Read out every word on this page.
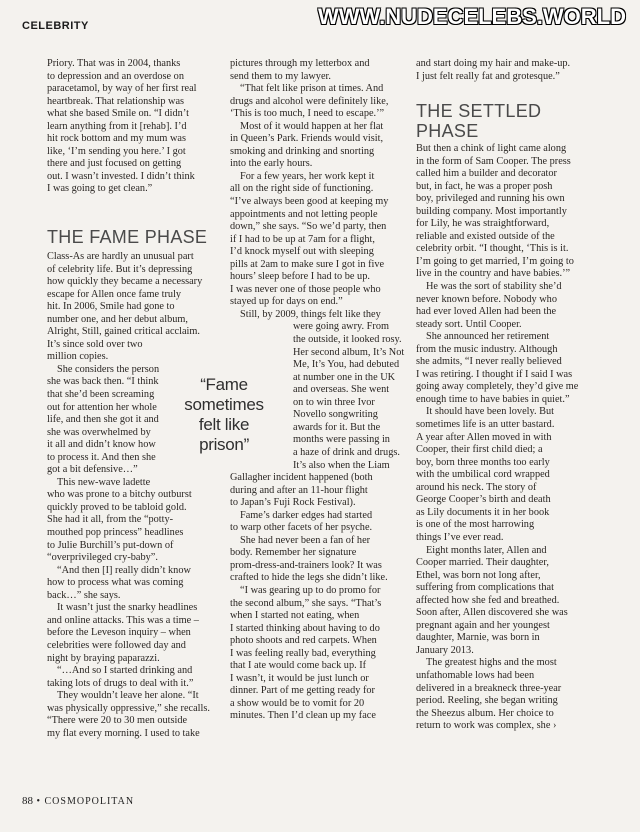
CELEBRITY	WWW.NUDECELEBS.WORLD
Priory. That was in 2004, thanks
to depression and an overdose on
paracetamol, by way of her first real
heartbreak. That relationship was
what she based Smile on. “I didn’t
learn anything from it [rehab]. I’d
hit rock bottom and my mum was
like, ‘I’m sending you here.’ I got
there and just focused on getting
out. I wasn’t invested. I didn’t think
I was going to get clean.”
THE FAME PHASE
Class-As are hardly an unusual part
of celebrity life. But it’s depressing
how quickly they became a necessary
escape for Allen once fame truly
hit. In 2006, Smile had gone to
number one, and her debut album,
Alright, Still, gained critical acclaim.
It’s since sold over two
million copies.
She considers the person
she was back then. “I think
that she’d been screaming
out for attention her whole
life, and then she got it and
she was overwhelmed by
it all and didn’t know how
to process it. And then she
got a bit defensive…”
This new-wave ladette
who was prone to a bitchy outburst
quickly proved to be tabloid gold.
She had it all, from the “potty-
mouthed pop princess” headlines
to Julie Burchill’s put-down of
“overprivileged cry-baby”.
“And then [I] really didn’t know
how to process what was coming
back…” she says.
It wasn’t just the snarky headlines
and online attacks. This was a time –
before the Leveson inquiry – when
celebrities were followed day and
night by braying paparazzi.
“…And so I started drinking and
taking lots of drugs to deal with it.”
They wouldn’t leave her alone. “It
was physically oppressive,” she recalls.
“There were 20 to 30 men outside
my flat every morning. I used to take
“Fame sometimes felt like prison”
pictures through my letterbox and
send them to my lawyer.
“That felt like prison at times. And
drugs and alcohol were definitely like,
‘This is too much, I need to escape.’”
Most of it would happen at her flat
in Queen’s Park. Friends would visit,
smoking and drinking and snorting
into the early hours.
For a few years, her work kept it
all on the right side of functioning.
“I’ve always been good at keeping my
appointments and not letting people
down,” she says. “So we’d party, then
if I had to be up at 7am for a flight,
I’d knock myself out with sleeping
pills at 2am to make sure I got in five
hours’ sleep before I had to be up.
I was never one of those people who
stayed up for days on end.”
Still, by 2009, things felt like they
were going awry. From
the outside, it looked rosy.
Her second album, It’s Not
Me, It’s You, had debuted
at number one in the UK
and overseas. She went
on to win three Ivor
Novello songwriting
awards for it. But the
months were passing in
a haze of drink and drugs.
It’s also when the Liam
Gallagher incident happened (both
during and after an 11-hour flight
to Japan’s Fuji Rock Festival).
Fame’s darker edges had started
to warp other facets of her psyche.
She had never been a fan of her
body. Remember her signature
prom-dress-and-trainers look? It was
crafted to hide the legs she didn’t like.
“I was gearing up to do promo for
the second album,” she says. “That’s
when I started not eating, when
I started thinking about having to do
photo shoots and red carpets. When
I was feeling really bad, everything
that I ate would come back up. If
I wasn’t, it would be just lunch or
dinner. Part of me getting ready for
a show would be to vomit for 20
minutes. Then I’d clean up my face
and start doing my hair and make-up.
I just felt really fat and grotesque.”
THE SETTLED PHASE
But then a chink of light came along
in the form of Sam Cooper. The press
called him a builder and decorator
but, in fact, he was a proper posh
boy, privileged and running his own
building company. Most importantly
for Lily, he was straightforward,
reliable and existed outside of the
celebrity orbit. “I thought, ‘This is it.
I’m going to get married, I’m going to
live in the country and have babies.’”
He was the sort of stability she’d
never known before. Nobody who
had ever loved Allen had been the
steady sort. Until Cooper.
She announced her retirement
from the music industry. Although
she admits, “I never really believed
I was retiring. I thought if I said I was
going away completely, they’d give me
enough time to have babies in quiet.”
It should have been lovely. But
sometimes life is an utter bastard.
A year after Allen moved in with
Cooper, their first child died; a
boy, born three months too early
with the umbilical cord wrapped
around his neck. The story of
George Cooper’s birth and death
as Lily documents it in her book
is one of the most harrowing
things I’ve ever read.
Eight months later, Allen and
Cooper married. Their daughter,
Ethel, was born not long after,
suffering from complications that
affected how she fed and breathed.
Soon after, Allen discovered she was
pregnant again and her youngest
daughter, Marnie, was born in
January 2013.
The greatest highs and the most
unfathomable lows had been
delivered in a breakneck three-year
period. Reeling, she began writing
the Sheezus album. Her choice to
return to work was complex, she ›
88 • COSMOPOLITAN
